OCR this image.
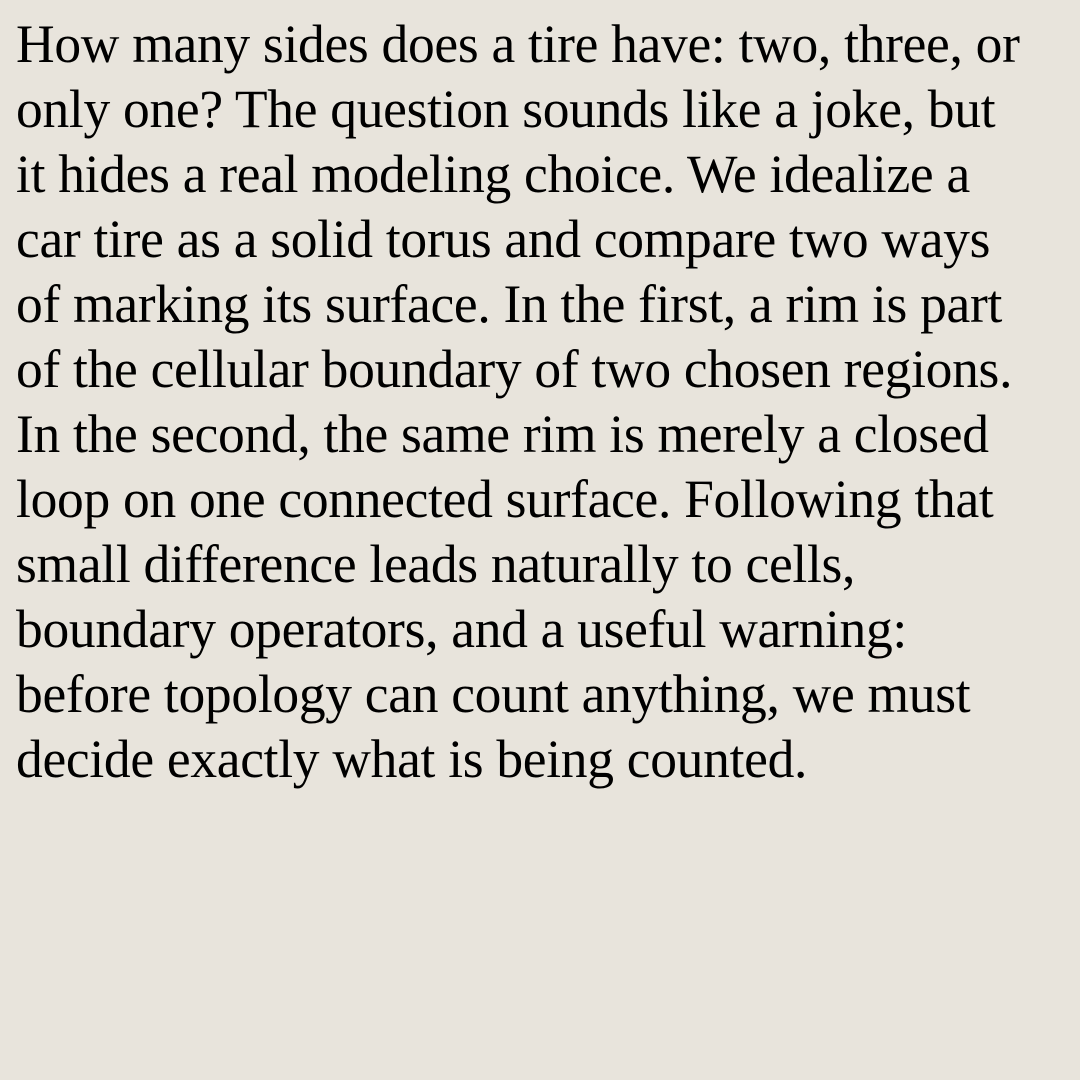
How many sides does a tire have: two, three, or
only one? The question sounds like a joke, but
it hides a real modeling choice. We idealize a
car tire as a solid torus and compare two ways
of marking its surface. In the first, a rim is part
of the cellular boundary of two chosen regions.
In the second, the same rim is merely a closed
loop on one connected surface. Following that
small difference leads naturally to cells,
boundary operators, and a useful warning:
before topology can count anything, we must
decide exactly what is being counted.
